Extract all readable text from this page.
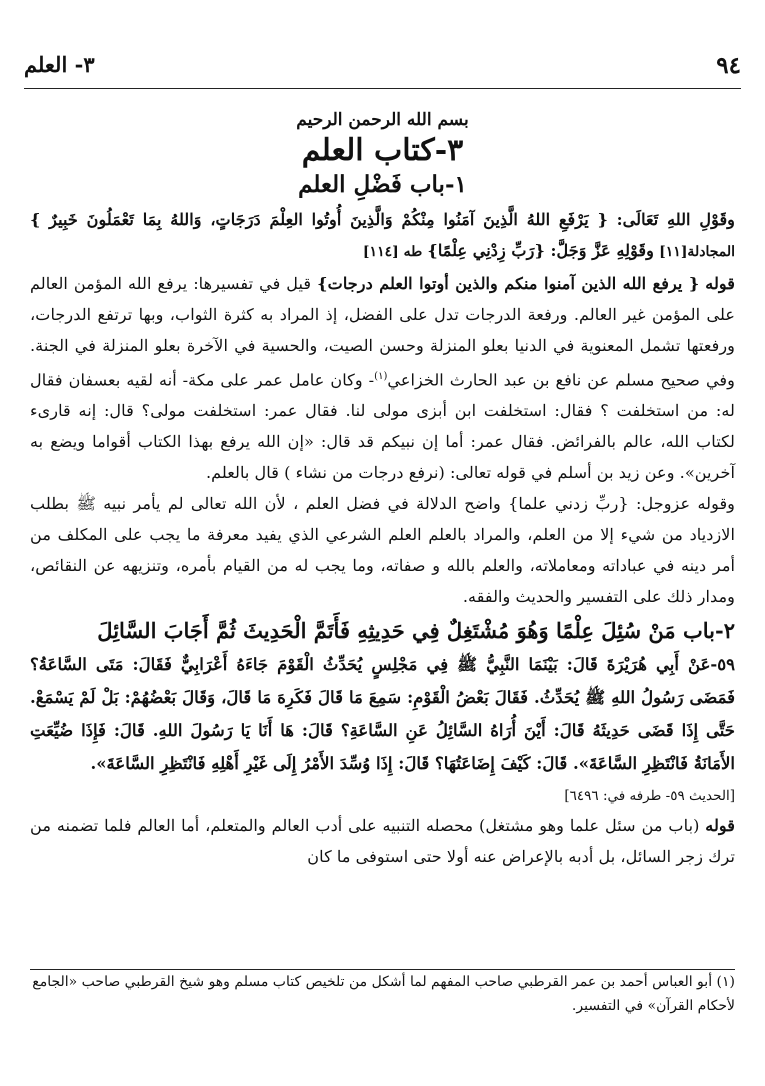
٩٤
٣- العلم
بسم الله الرحمن الرحيم
٣-كتاب العلم
١-باب فَضْلِ العلم

وقَوْلِ اللهِ تَعَالَى: { يَرْفَعِ اللهُ الَّذِينَ آمَنُوا مِنْكُمْ وَالَّذِينَ أُوتُوا العِلْمَ دَرَجَاتٍ، وَاللهُ بِمَا تَعْمَلُونَ خَبِيرٌ } المجادلة[١١] وقَوْلِهِ عَزَّ وَجَلَّ: {رَبِّ زِدْنِي عِلْمًا} طه [١١٤]

قوله { يرفع الله الذين آمنوا منكم والذين أوتوا العلم درجات} قيل في تفسيرها: يرفع الله المؤمن العالم على المؤمن غير العالم. ورفعة الدرجات تدل على الفضل، إذ المراد به كثرة الثواب، وبها ترتفع الدرجات، ورفعتها تشمل المعنوية في الدنيا بعلو المنزلة وحسن الصيت، والحسية في الآخرة بعلو المنزلة في الجنة. وفي صحيح مسلم عن نافع بن عبد الحارث الخزاعي$^{(١)}$- وكان عامل عمر على مكة- أنه لقيه بعسفان فقال له: من استخلفت ؟ فقال: استخلفت ابن أبزى مولى لنا. فقال عمر: استخلفت مولى؟ قال: إنه قارىء لكتاب الله، عالم بالفرائض. فقال عمر: أما إن نبيكم قد قال: «إن الله يرفع بهذا الكتاب أقواما ويضع به آخرين». وعن زيد بن أسلم في قوله تعالى: (نرفع درجات من نشاء ) قال بالعلم.

وقوله عزوجل: {ربِّ زدني علما} واضح الدلالة في فضل العلم ، لأن الله تعالى لم يأمر نبيه ﷺ بطلب الازدياد من شيء إلا من العلم، والمراد بالعلم العلم الشرعي الذي يفيد معرفة ما يجب على المكلف من أمر دينه في عباداته ومعاملاته، والعلم بالله و صفاته، وما يجب له من القيام بأمره، وتنزيهه عن النقائص، ومدار ذلك على التفسير والحديث والفقه.

٢-باب مَنْ سُئِلَ عِلْمًا وَهُوَ مُشْتَغِلٌ فِي حَدِيثِهِ فَأَتَمَّ الْحَدِيثَ ثُمَّ أَجَابَ السَّائِلَ
٥٩-عَنْ أَبِي هُرَيْرَةَ قَالَ: بَيْنَمَا النَّبِيُّ ﷺ فِي مَجْلِسٍ يُحَدِّثُ الْقَوْمَ جَاءَهُ أَعْرَابِيٌّ فَقَالَ: مَتَى السَّاعَةُ؟ فَمَضَى رَسُولُ اللهِ ﷺ يُحَدِّثُ. فَقَالَ بَعْضُ الْقَوْمِ: سَمِعَ مَا قَالَ فَكَرِهَ مَا قَالَ، وَقَالَ بَعْضُهُمْ: بَلْ لَمْ يَسْمَعْ. حَتَّى إِذَا قَضَى حَدِيثَهُ قَالَ: أَيْنَ أُرَاهُ السَّائِلُ عَنِ السَّاعَةِ؟ قَالَ: هَا أَنَا يَا رَسُولَ اللهِ. قَالَ: فَإِذَا ضُيِّعَتِ الأَمَانَةُ فَانْتَظِرِ السَّاعَةَ». قَالَ: كَيْفَ إِضَاعَتُهَا؟ قَالَ: إِذَا وُسِّدَ الأَمْرُ إِلَى غَيْرِ أَهْلِهِ فَانْتَظِرِ السَّاعَةَ».
[الحديث ٥٩- طرفه في: ٦٤٩٦]

قوله (باب من سئل علما وهو مشتغل) محصله التنبيه على أدب العالم والمتعلم، أما العالم فلما تضمنه من ترك زجر السائل، بل أدبه بالإعراض عنه أولا حتى استوفى ما كان

(١) أبو العباس أحمد بن عمر القرطبي صاحب المفهم لما أشكل من تلخيص كتاب مسلم وهو شيخ القرطبي صاحب «الجامع لأحكام القرآن» في التفسير.
